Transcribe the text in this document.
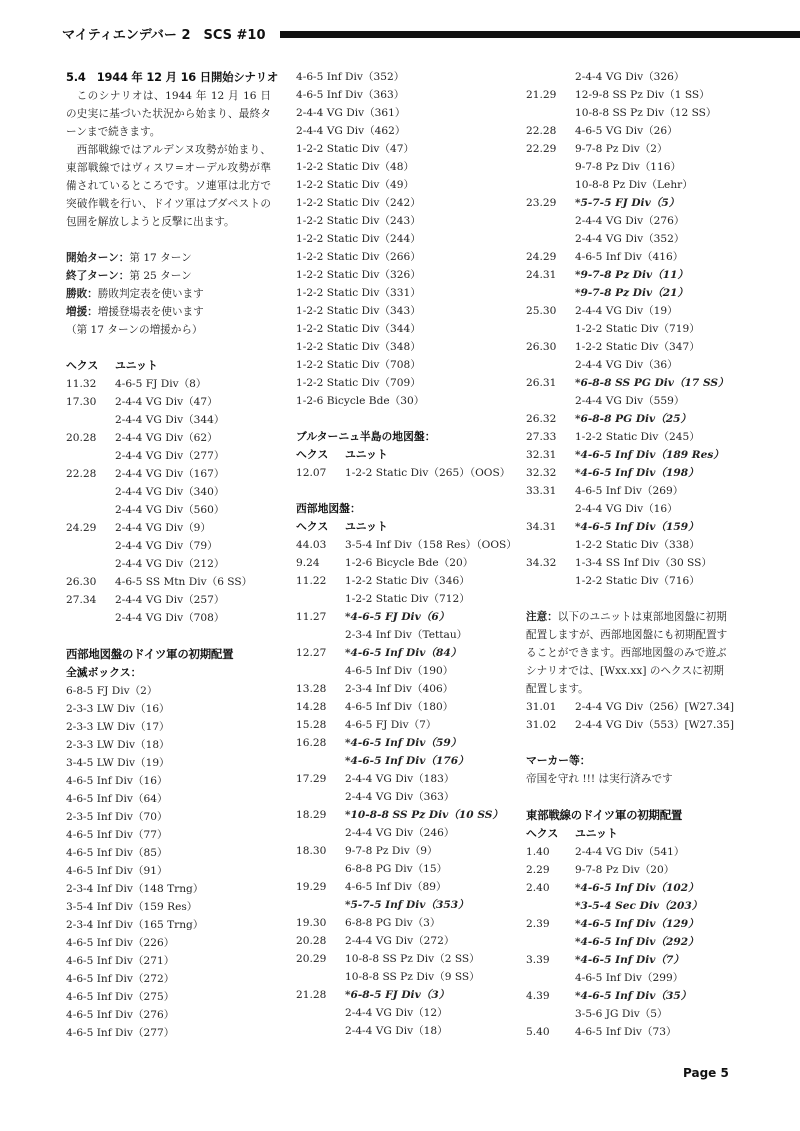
マイティエンデバー 2　SCS #10
5.4　1944 年 12 月 16 日開始シナリオ
このシナリオは、1944 年 12 月 16 日の史実に基づいた状況から始まり、最終ターンまで続きます。
西部戦線ではアルデンヌ攻勢が始まり、東部戦線ではヴィスワ=オーデル攻勢が準備されているところです。ソ連軍は北方で突破作戦を行い、ドイツ軍はブダペストの包囲を解放しようと反撃に出ます。
開始ターン：第 17 ターン
終了ターン：第 25 ターン
勝敗：勝敗判定表を使います
増援：増援登場表を使います
（第 17 ターンの増援から）
ヘクス ユニット
11.32 4-6-5 FJ Div（8）
17.30 2-4-4 VG Div（47）
2-4-4 VG Div（344）
20.28 2-4-4 VG Div（62）
2-4-4 VG Div（277）
22.28 2-4-4 VG Div（167）
2-4-4 VG Div（340）
2-4-4 VG Div（560）
24.29 2-4-4 VG Div（9）
2-4-4 VG Div（79）
2-4-4 VG Div（212）
26.30 4-6-5 SS Mtn Div（6 SS）
27.34 2-4-4 VG Div（257）
2-4-4 VG Div（708）
西部地図盤のドイツ軍の初期配置
全滅ボックス：
6-8-5 FJ Div（2）
2-3-3 LW Div（16）
2-3-3 LW Div（17）
2-3-3 LW Div（18）
3-4-5 LW Div（19）
4-6-5 Inf Div（16）
4-6-5 Inf Div（64）
2-3-5 Inf Div（70）
4-6-5 Inf Div（77）
4-6-5 Inf Div（85）
4-6-5 Inf Div（91）
2-3-4 Inf Div（148 Trng）
3-5-4 Inf Div（159 Res）
2-3-4 Inf Div（165 Trng）
4-6-5 Inf Div（226）
4-6-5 Inf Div（271）
4-6-5 Inf Div（272）
4-6-5 Inf Div（275）
4-6-5 Inf Div（276）
4-6-5 Inf Div（277）
4-6-5 Inf Div（352）
4-6-5 Inf Div（363）
2-4-4 VG Div（361）
2-4-4 VG Div（462）
1-2-2 Static Div（47）
1-2-2 Static Div（48）
1-2-2 Static Div（49）
1-2-2 Static Div（242）
1-2-2 Static Div（243）
1-2-2 Static Div（244）
1-2-2 Static Div（266）
1-2-2 Static Div（326）
1-2-2 Static Div（331）
1-2-2 Static Div（343）
1-2-2 Static Div（344）
1-2-2 Static Div（348）
1-2-2 Static Div（708）
1-2-2 Static Div（709）
1-2-6 Bicycle Bde（30）
ブルターニュ半島の地図盤：
ヘクス ユニット
12.07 1-2-2 Static Div（265）（OOS）
西部地図盤：
ヘクス ユニット
44.03 3-5-4 Inf Div（158 Res）（OOS）
9.24 1-2-6 Bicycle Bde（20）
11.22 1-2-2 Static Div（346）
1-2-2 Static Div（712）
11.27 *4-6-5 FJ Div（6）
2-3-4 Inf Div（Tettau）
12.27 *4-6-5 Inf Div（84）
4-6-5 Inf Div（190）
13.28 2-3-4 Inf Div（406）
14.28 4-6-5 Inf Div（180）
15.28 4-6-5 FJ Div（7）
16.28 *4-6-5 Inf Div（59）
*4-6-5 Inf Div（176）
17.29 2-4-4 VG Div（183）
2-4-4 VG Div（363）
18.29 *10-8-8 SS Pz Div（10 SS）
2-4-4 VG Div（246）
18.30 9-7-8 Pz Div（9）
6-8-8 PG Div（15）
19.29 4-6-5 Inf Div（89）
*5-7-5 Inf Div（353）
19.30 6-8-8 PG Div（3）
20.28 2-4-4 VG Div（272）
20.29 10-8-8 SS Pz Div（2 SS）
10-8-8 SS Pz Div（9 SS）
21.28 *6-8-5 FJ Div（3）
2-4-4 VG Div（12）
2-4-4 VG Div（18）
2-4-4 VG Div（326）
21.29 12-9-8 SS Pz Div（1 SS）
10-8-8 SS Pz Div（12 SS）
22.28 4-6-5 VG Div（26）
22.29 9-7-8 Pz Div（2）
9-7-8 Pz Div（116）
10-8-8 Pz Div（Lehr）
23.29 *5-7-5 FJ Div（5）
2-4-4 VG Div（276）
2-4-4 VG Div（352）
24.29 4-6-5 Inf Div（416）
24.31 *9-7-8 Pz Div（11）
*9-7-8 Pz Div（21）
25.30 2-4-4 VG Div（19）
1-2-2 Static Div（719）
26.30 1-2-2 Static Div（347）
2-4-4 VG Div（36）
26.31 *6-8-8 SS PG Div（17 SS）
2-4-4 VG Div（559）
26.32 *6-8-8 PG Div（25）
27.33 1-2-2 Static Div（245）
32.31 *4-6-5 Inf Div（189 Res）
32.32 *4-6-5 Inf Div（198）
33.31 4-6-5 Inf Div（269）
2-4-4 VG Div（16）
34.31 *4-6-5 Inf Div（159）
1-2-2 Static Div（338）
34.32 1-3-4 SS Inf Div（30 SS）
1-2-2 Static Div（716）
注意：以下のユニットは東部地図盤に初期
配置しますが、西部地図盤にも初期配置す
ることができます。西部地図盤のみで遊ぶ
シナリオでは、[Wxx.xx] のヘクスに初期
配置します。
31.01 2-4-4 VG Div（256）[W27.34]
31.02 2-4-4 VG Div（553）[W27.35]
マーカー等：
帝国を守れ !!! は実行済みです
東部戦線のドイツ軍の初期配置
ヘクス ユニット
1.40 2-4-4 VG Div（541）
2.29 9-7-8 Pz Div（20）
2.40 *4-6-5 Inf Div（102）
*3-5-4 Sec Div（203）
2.39 *4-6-5 Inf Div（129）
*4-6-5 Inf Div（292）
3.39 *4-6-5 Inf Div（7）
4-6-5 Inf Div（299）
4.39 *4-6-5 Inf Div（35）
3-5-6 JG Div（5）
5.40 4-6-5 Inf Div（73）
Page 5
